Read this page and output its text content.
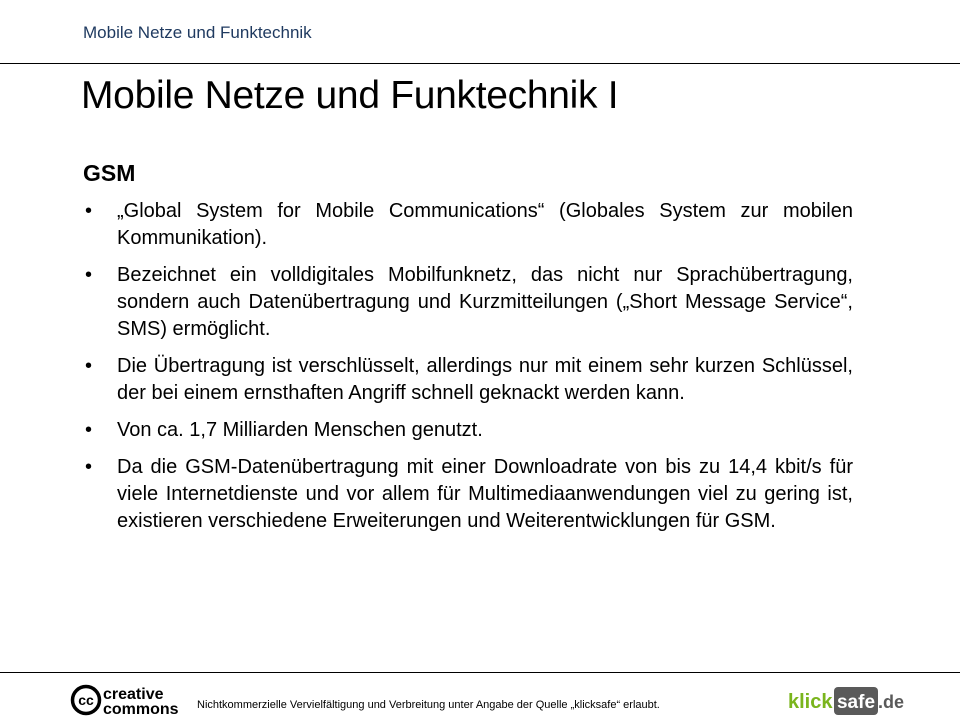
Mobile Netze und Funktechnik
Mobile Netze und Funktechnik I
GSM
• „Global System for Mobile Communications“ (Globales System zur mobilen Kommunikation).
• Bezeichnet ein volldigitales Mobilfunknetz, das nicht nur Sprachübertragung, sondern auch Datenübertragung und Kurzmitteilungen („Short Message Service“, SMS) ermöglicht.
• Die Übertragung ist verschlüsselt, allerdings nur mit einem sehr kurzen Schlüssel, der bei einem ernsthaften Angriff schnell geknackt werden kann.
• Von ca. 1,7 Milliarden Menschen genutzt.
• Da die GSM-Datenübertragung mit einer Downloadrate von bis zu 14,4 kbit/s für viele Internetdienste und vor allem für Multimediaanwendungen viel zu gering ist, existieren verschiedene Erweiterungen und Weiterentwicklungen für GSM.
cc creative
commons Nichtkommerzielle Vervielfältigung und Verbreitung unter Angabe der Quelle „klicksafe“ erlaubt.	klick safe .de
